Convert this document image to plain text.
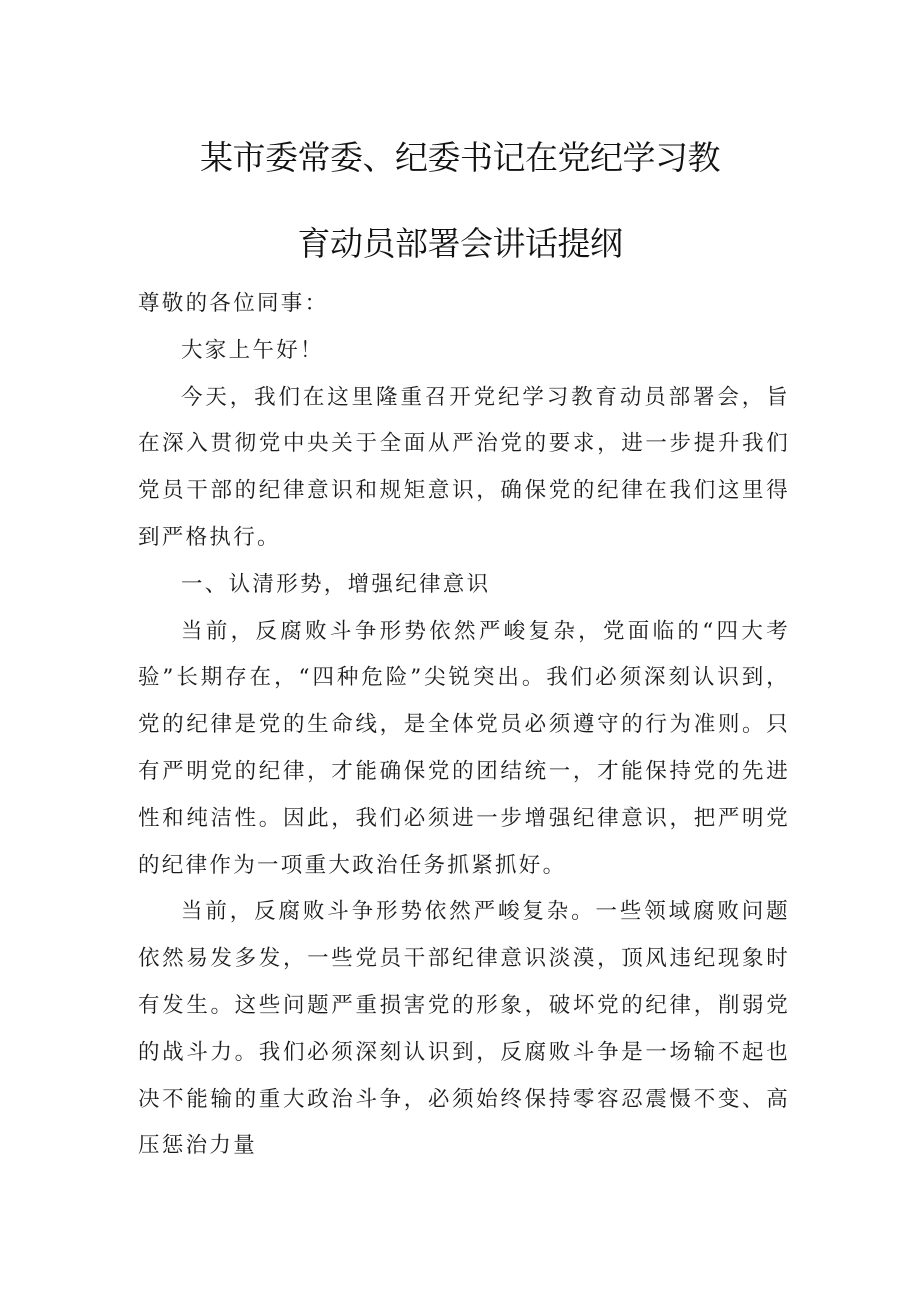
某市委常委、纪委书记在党纪学习教
育动员部署会讲话提纲

尊敬的各位同事：

大家上午好！

今天，我们在这里隆重召开党纪学习教育动员部署会，旨在深入贯彻党中央关于全面从严治党的要求，进一步提升我们党员干部的纪律意识和规矩意识，确保党的纪律在我们这里得到严格执行。

一、认清形势，增强纪律意识

当前，反腐败斗争形势依然严峻复杂，党面临的“四大考验”长期存在，“四种危险”尖锐突出。我们必须深刻认识到，党的纪律是党的生命线，是全体党员必须遵守的行为准则。只有严明党的纪律，才能确保党的团结统一，才能保持党的先进性和纯洁性。因此，我们必须进一步增强纪律意识，把严明党的纪律作为一项重大政治任务抓紧抓好。

当前，反腐败斗争形势依然严峻复杂。一些领域腐败问题依然易发多发，一些党员干部纪律意识淡漠，顶风违纪现象时有发生。这些问题严重损害党的形象，破坏党的纪律，削弱党的战斗力。我们必须深刻认识到，反腐败斗争是一场输不起也决不能输的重大政治斗争，必须始终保持零容忍震慑不变、高压惩治力量
